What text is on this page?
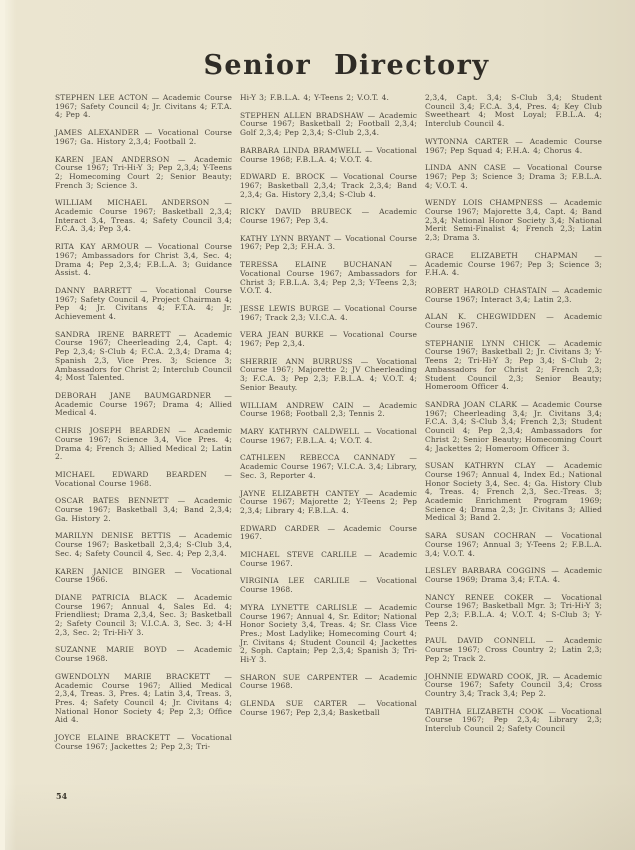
Senior Directory

STEPHEN LEE ACTON — Academic Course 1967; Safety Council 4; Jr. Civitans 4; F.T.A. 4; Pep 4.

JAMES ALEXANDER — Vocational Course 1967; Ga. History 2,3,4; Football 2.

KAREN JEAN ANDERSON — Academic Course 1967; Tri-Hi-Y 3; Pep 2,3,4; Y-Teens 2; Homecoming Court 2; Senior Beauty; French 3; Science 3.

WILLIAM MICHAEL ANDERSON — Academic Course 1967; Basketball 2,3,4; Interact 3,4, Treas. 4; Safety Council 3,4; F.C.A. 3,4; Pep 3,4.

RITA KAY ARMOUR — Vocational Course 1967; Ambassadors for Christ 3,4, Sec. 4; Drama 4; Pep 2,3,4; F.B.L.A. 3; Guidance Assist. 4.

DANNY BARRETT — Vocational Course 1967; Safety Council 4, Project Chairman 4; Pep 4; Jr. Civitans 4; F.T.A. 4; Jr. Achievement 4.

SANDRA IRENE BARRETT — Academic Course 1967; Cheerleading 2,4, Capt. 4; Pep 2,3,4; S-Club 4; F.C.A. 2,3,4; Drama 4; Spanish 2,3, Vice Pres. 3; Science 3; Ambassadors for Christ 2; Interclub Council 4; Most Talented.

DEBORAH JANE BAUMGARDNER — Academic Course 1967; Drama 4; Allied Medical 4.

CHRIS JOSEPH BEARDEN — Academic Course 1967; Science 3,4, Vice Pres. 4; Drama 4; French 3; Allied Medical 2; Latin 2.

MICHAEL EDWARD BEARDEN — Vocational Course 1968.

OSCAR BATES BENNETT — Academic Course 1967; Basketball 3,4; Band 2,3,4; Ga. History 2.

MARILYN DENISE BETTIS — Academic Course 1967; Basketball 2,3,4; S-Club 3,4, Sec. 4; Safety Council 4, Sec. 4; Pep 2,3,4.

KAREN JANICE BINGER — Vocational Course 1966.

DIANE PATRICIA BLACK — Academic Course 1967; Annual 4, Sales Ed. 4; Friendliest; Drama 2,3,4, Sec. 3; Basketball 2; Safety Council 3; V.I.C.A. 3, Sec. 3; 4-H 2,3, Sec. 2; Tri-Hi-Y 3.

SUZANNE MARIE BOYD — Academic Course 1968.

GWENDOLYN MARIE BRACKETT — Academic Course 1967; Allied Medical 2,3,4, Treas. 3, Pres. 4; Latin 3,4, Treas. 3, Pres. 4; Safety Council 4; Jr. Civitans 4; National Honor Society 4; Pep 2,3; Office Aid 4.

JOYCE ELAINE BRACKETT — Vocational Course 1967; Jackettes 2; Pep 2,3; Tri-

Hi-Y 3; F.B.L.A. 4; Y-Teens 2; V.O.T. 4.

STEPHEN ALLEN BRADSHAW — Academic Course 1967; Basketball 2; Football 2,3,4; Golf 2,3,4; Pep 2,3,4; S-Club 2,3,4.

BARBARA LINDA BRAMWELL — Vocational Course 1968; F.B.L.A. 4; V.O.T. 4.

EDWARD E. BROCK — Vocational Course 1967; Basketball 2,3,4; Track 2,3,4; Band 2,3,4; Ga. History 2,3,4; S-Club 4.

RICKY DAVID BRUBECK — Academic Course 1967; Pep 3,4.

KATHY LYNN BRYANT — Vocational Course 1967; Pep 2,3; F.H.A. 3.

TERESSA ELAINE BUCHANAN — Vocational Course 1967; Ambassadors for Christ 3; F.B.L.A. 3,4; Pep 2,3; Y-Teens 2,3; V.O.T. 4.

JESSE LEWIS BURGE — Vocational Course 1967; Track 2,3; V.I.C.A. 4.

VERA JEAN BURKE — Vocational Course 1967; Pep 2,3,4.

SHERRIE ANN BURRUSS — Vocational Course 1967; Majorette 2; JV Cheerleading 3; F.C.A. 3; Pep 2,3; F.B.L.A. 4; V.O.T. 4; Senior Beauty.

WILLIAM ANDREW CAIN — Academic Course 1968; Football 2,3; Tennis 2.

MARY KATHRYN CALDWELL — Vocational Course 1967; F.B.L.A. 4; V.O.T. 4.

CATHLEEN REBECCA CANNADY — Academic Course 1967; V.I.C.A. 3,4; Library, Sec. 3, Reporter 4.

JAYNE ELIZABETH CANTEY — Academic Course 1967; Majorette 2; Y-Teens 2; Pep 2,3,4; Library 4; F.B.L.A. 4.

EDWARD CARDER — Academic Course 1967.

MICHAEL STEVE CARLILE — Academic Course 1967.

VIRGINIA LEE CARLILE — Vocational Course 1968.

MYRA LYNETTE CARLISLE — Academic Course 1967; Annual 4, Sr. Editor; National Honor Society 3,4, Treas. 4; Sr. Class Vice Pres.; Most Ladylike; Homecoming Court 4; Jr. Civitans 4; Student Council 4; Jackettes 2, Soph. Captain; Pep 2,3,4; Spanish 3; Tri-Hi-Y 3.

SHARON SUE CARPENTER — Academic Course 1968.

GLENDA SUE CARTER — Vocational Course 1967; Pep 2,3,4; Basketball

2,3,4, Capt. 3,4; S-Club 3,4; Student Council 3,4; F.C.A. 3,4, Pres. 4; Key Club Sweetheart 4; Most Loyal; F.B.L.A. 4; Interclub Council 4.

WYTONNA CARTER — Academic Course 1967; Pep Squad 4; F.H.A. 4; Chorus 4.

LINDA ANN CASE — Vocational Course 1967; Pep 3; Science 3; Drama 3; F.B.L.A. 4; V.O.T. 4.

WENDY LOIS CHAMPNESS — Academic Course 1967; Majorette 3,4, Capt. 4; Band 2,3,4; National Honor Society 3,4; National Merit Semi-Finalist 4; French 2,3; Latin 2,3; Drama 3.

GRACE ELIZABETH CHAPMAN — Academic Course 1967; Pep 3; Science 3; F.H.A. 4.

ROBERT HAROLD CHASTAIN — Academic Course 1967; Interact 3,4; Latin 2,3.

ALAN K. CHEGWIDDEN — Academic Course 1967.

STEPHANIE LYNN CHICK — Academic Course 1967; Basketball 2; Jr. Civitans 3; Y-Teens 2; Tri-Hi-Y 3; Pep 3,4; S-Club 2; Ambassadors for Christ 2; French 2,3; Student Council 2,3; Senior Beauty; Homeroom Officer 4.

SANDRA JOAN CLARK — Academic Course 1967; Cheerleading 3,4; Jr. Civitans 3,4; F.C.A. 3,4; S-Club 3,4; French 2,3; Student Council 4; Pep 2,3,4; Ambassadors for Christ 2; Senior Beauty; Homecoming Court 4; Jackettes 2; Homeroom Officer 3.

SUSAN KATHRYN CLAY — Academic Course 1967; Annual 4, Index Ed.; National Honor Society 3,4, Sec. 4; Ga. History Club 4, Treas. 4; French 2,3, Sec.-Treas. 3; Academic Enrichment Program 1969; Science 4; Drama 2,3; Jr. Civitans 3; Allied Medical 3; Band 2.

SARA SUSAN COCHRAN — Vocational Course 1967; Annual 3; Y-Teens 2; F.B.L.A. 3,4; V.O.T. 4.

LESLEY BARBARA COGGINS — Academic Course 1969; Drama 3,4; F.T.A. 4.

NANCY RENEE COKER — Vocational Course 1967; Basketball Mgr. 3; Tri-Hi-Y 3; Pep 2,3; F.B.L.A. 4; V.O.T. 4; S-Club 3; Y-Teens 2.

PAUL DAVID CONNELL — Academic Course 1967; Cross Country 2; Latin 2,3; Pep 2; Track 2.

JOHNNIE EDWARD COOK, JR. — Academic Course 1967; Safety Council 3,4; Cross Country 3,4; Track 3,4; Pep 2.

TABITHA ELIZABETH COOK — Vocational Course 1967; Pep 2,3,4; Library 2,3; Interclub Council 2; Safety Council

54
